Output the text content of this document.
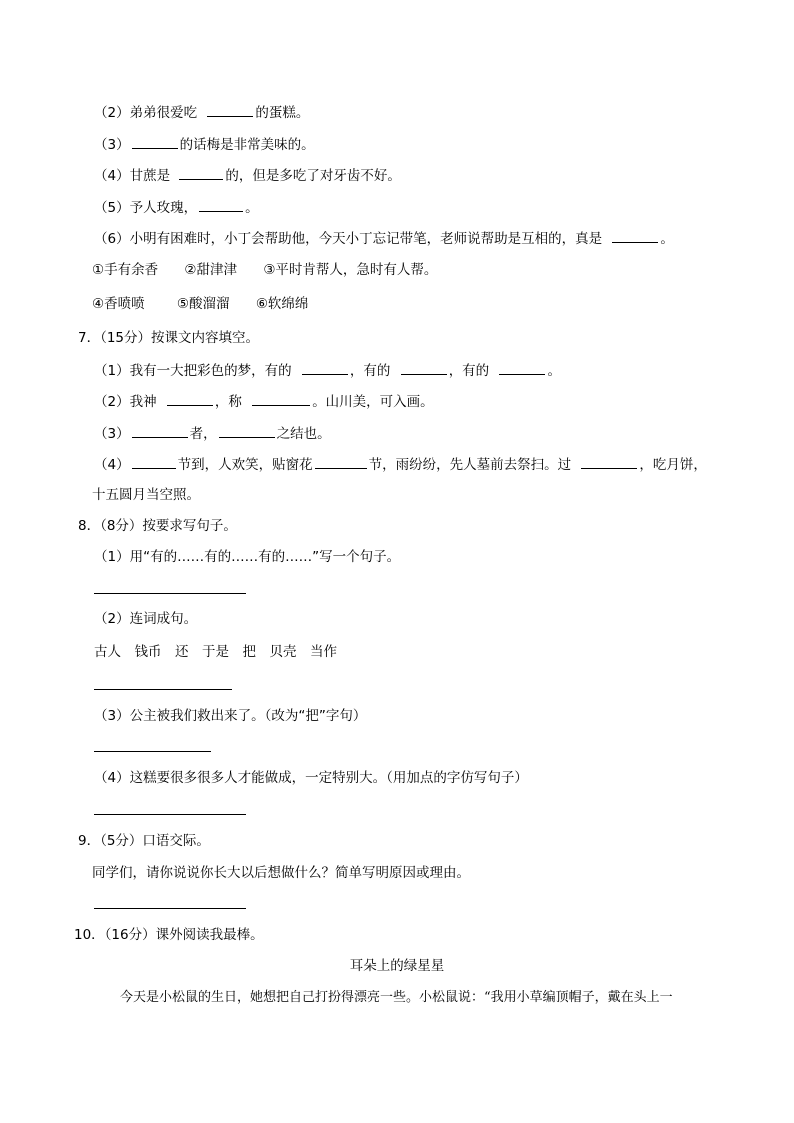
（2）弟弟很爱吃	的蛋糕。
（3）	的话梅是非常美味的。
（4）甘蔗是	的，但是多吃了对牙齿不好。
（5）予人玫瑰，	。
（6）小明有困难时，小丁会帮助他，今天小丁忘记带笔，老师说帮助是互相的，真是	。
①手有余香 ②甜津津 ③平时肯帮人，急时有人帮。
④香喷喷 ⑤酸溜溜 ⑥软绵绵
7．（15分）按课文内容填空。
（1）我有一大把彩色的梦，有的	，有的	，有的	。
（2）我神	，称	。山川美，可入画。
（3）	者，	之结也。
（4）	节到，人欢笑，贴窗花	节，雨纷纷，先人墓前去祭扫。过	，吃月饼，
十五圆月当空照。
8．（8分）按要求写句子。
（1）用“有的……有的……有的……”写一个句子。
（2）连词成句。
古人　钱币　还　于是　把　贝壳　当作
（3）公主被我们救出来了。（改为“把”字句）
（4）这糕要很多很多人才能做成，一定特别大。（用加点的字仿写句子）
9．（5分）口语交际。
同学们，请你说说你长大以后想做什么？简单写明原因或理由。
10．（16分）课外阅读我最棒。
耳朵上的绿星星
今天是小松鼠的生日，她想把自己打扮得漂亮一些。小松鼠说：“我用小草编顶帽子，戴在头上一
